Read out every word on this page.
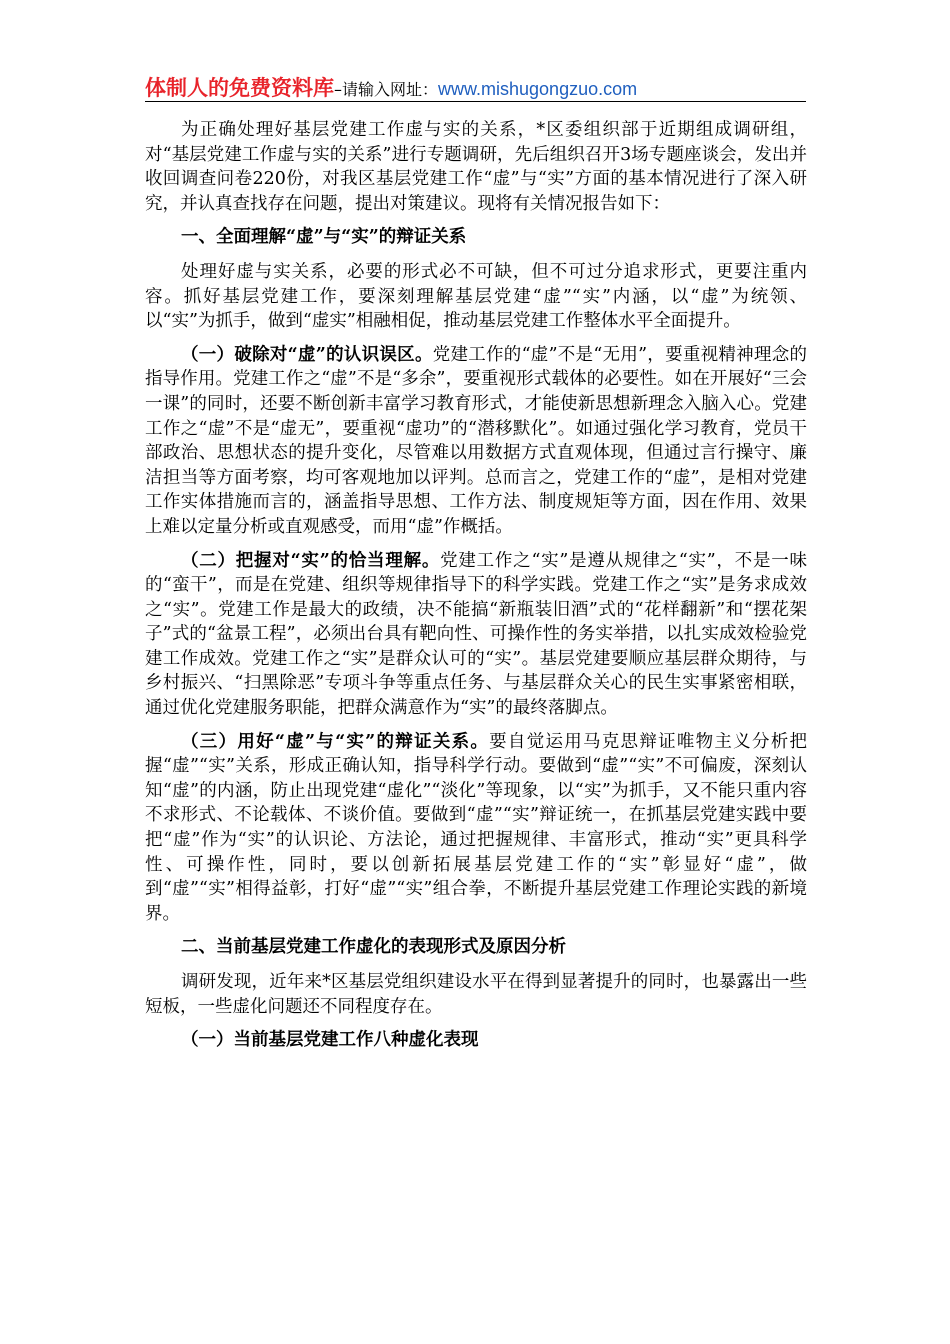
体制人的免费资料库–请输入网址：www.mishugongzuo.com

为正确处理好基层党建工作虚与实的关系，*区委组织部于近期组成调研组，对“基层党建工作虚与实的关系”进行专题调研，先后组织召开3场专题座谈会，发出并收回调查问卷220份，对我区基层党建工作“虚”与“实”方面的基本情况进行了深入研究，并认真查找存在问题，提出对策建议。现将有关情况报告如下：

一、全面理解“虚”与“实”的辩证关系

处理好虚与实关系，必要的形式必不可缺，但不可过分追求形式，更要注重内容。抓好基层党建工作，要深刻理解基层党建“虚”“实”内涵，以“虚”为统领、以“实”为抓手，做到“虚实”相融相促，推动基层党建工作整体水平全面提升。

（一）破除对“虚”的认识误区。党建工作的“虚”不是“无用”，要重视精神理念的指导作用。党建工作之“虚”不是“多余”，要重视形式载体的必要性。如在开展好“三会一课”的同时，还要不断创新丰富学习教育形式，才能使新思想新理念入脑入心。党建工作之“虚”不是“虚无”，要重视“虚功”的“潜移默化”。如通过强化学习教育，党员干部政治、思想状态的提升变化，尽管难以用数据方式直观体现，但通过言行操守、廉洁担当等方面考察，均可客观地加以评判。总而言之，党建工作的“虚”，是相对党建工作实体措施而言的，涵盖指导思想、工作方法、制度规矩等方面，因在作用、效果上难以定量分析或直观感受，而用“虚”作概括。

（二）把握对“实”的恰当理解。党建工作之“实”是遵从规律之“实”，不是一味的“蛮干”，而是在党建、组织等规律指导下的科学实践。党建工作之“实”是务求成效之“实”。党建工作是最大的政绩，决不能搞“新瓶装旧酒”式的“花样翻新”和“摆花架子”式的“盆景工程”，必须出台具有靶向性、可操作性的务实举措，以扎实成效检验党建工作成效。党建工作之“实”是群众认可的“实”。基层党建要顺应基层群众期待，与乡村振兴、“扫黑除恶”专项斗争等重点任务、与基层群众关心的民生实事紧密相联，通过优化党建服务职能，把群众满意作为“实”的最终落脚点。

（三）用好“虚”与“实”的辩证关系。要自觉运用马克思辩证唯物主义分析把握“虚”“实”关系，形成正确认知，指导科学行动。要做到“虚”“实”不可偏废，深刻认知“虚”的内涵，防止出现党建“虚化”“淡化”等现象，以“实”为抓手，又不能只重内容不求形式、不论载体、不谈价值。要做到“虚”“实”辩证统一，在抓基层党建实践中要把“虚”作为“实”的认识论、方法论，通过把握规律、丰富形式，推动“实”更具科学性、可操作性，同时，要以创新拓展基层党建工作的“实”彰显好“虚”，做到“虚”“实”相得益彰，打好“虚”“实”组合拳，不断提升基层党建工作理论实践的新境界。

二、当前基层党建工作虚化的表现形式及原因分析

调研发现，近年来*区基层党组织建设水平在得到显著提升的同时，也暴露出一些短板，一些虚化问题还不同程度存在。

（一）当前基层党建工作八种虚化表现
